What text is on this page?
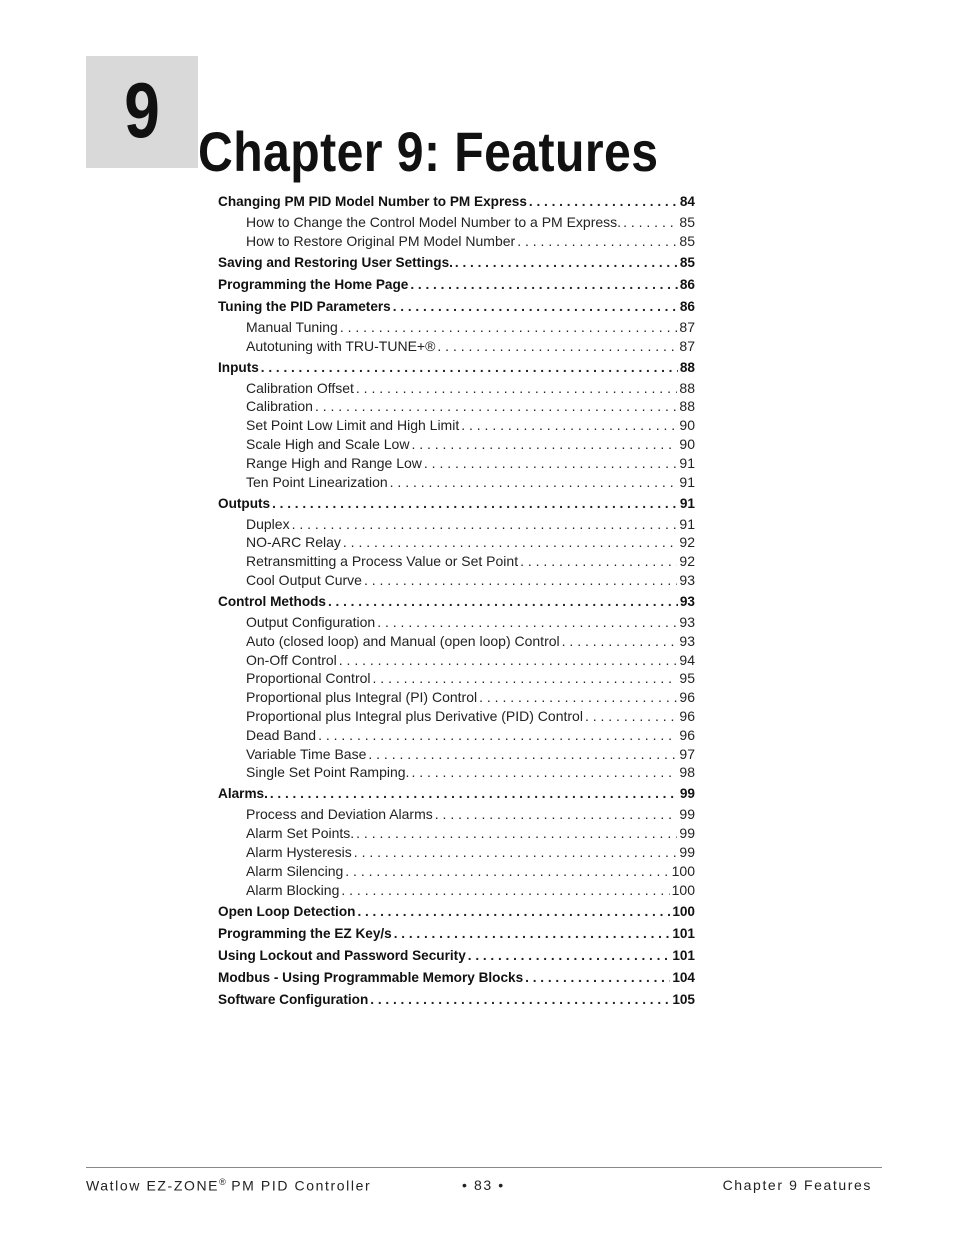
9 Chapter 9: Features
Changing PM PID Model Number to PM Express . . .	84
How to Change the Control Model Number to a PM Express. . . .	85
How to Restore Original PM Model Number . . .	85
Saving and Restoring User Settings. . . .	85
Programming the Home Page . . .	86
Tuning the PID Parameters . . .	86
Manual Tuning . . .	87
Autotuning with TRU-TUNE+® . . .	87
Inputs . . .	88
Calibration Offset . . .	88
Calibration . . .	88
Set Point Low Limit and High Limit . . .	90
Scale High and Scale Low . . .	90
Range High and Range Low . . .	91
Ten Point Linearization . . .	91
Outputs . . .	91
Duplex . . .	91
NO-ARC Relay . . .	92
Retransmitting a Process Value or Set Point . . .	92
Cool Output Curve . . .	93
Control Methods . . .	93
Output Configuration . . .	93
Auto (closed loop) and Manual (open loop) Control . . .	93
On-Off Control . . .	94
Proportional Control . . .	95
Proportional plus Integral (PI) Control . . .	96
Proportional plus Integral plus Derivative (PID) Control . . .	96
Dead Band . . .	96
Variable Time Base . . .	97
Single Set Point Ramping. . . .	98
Alarms. . . .	99
Process and Deviation Alarms . . .	99
Alarm Set Points. . . .	99
Alarm Hysteresis . . .	99
Alarm Silencing . . .	100
Alarm Blocking . . .	100
Open Loop Detection . . .	100
Programming the EZ Key/s . . .	101
Using Lockout and Password Security . . .	101
Modbus - Using Programmable Memory Blocks . . .	104
Software Configuration . . .	105
Watlow EZ-ZONE® PM PID Controller	• 83 •	Chapter 9 Features
